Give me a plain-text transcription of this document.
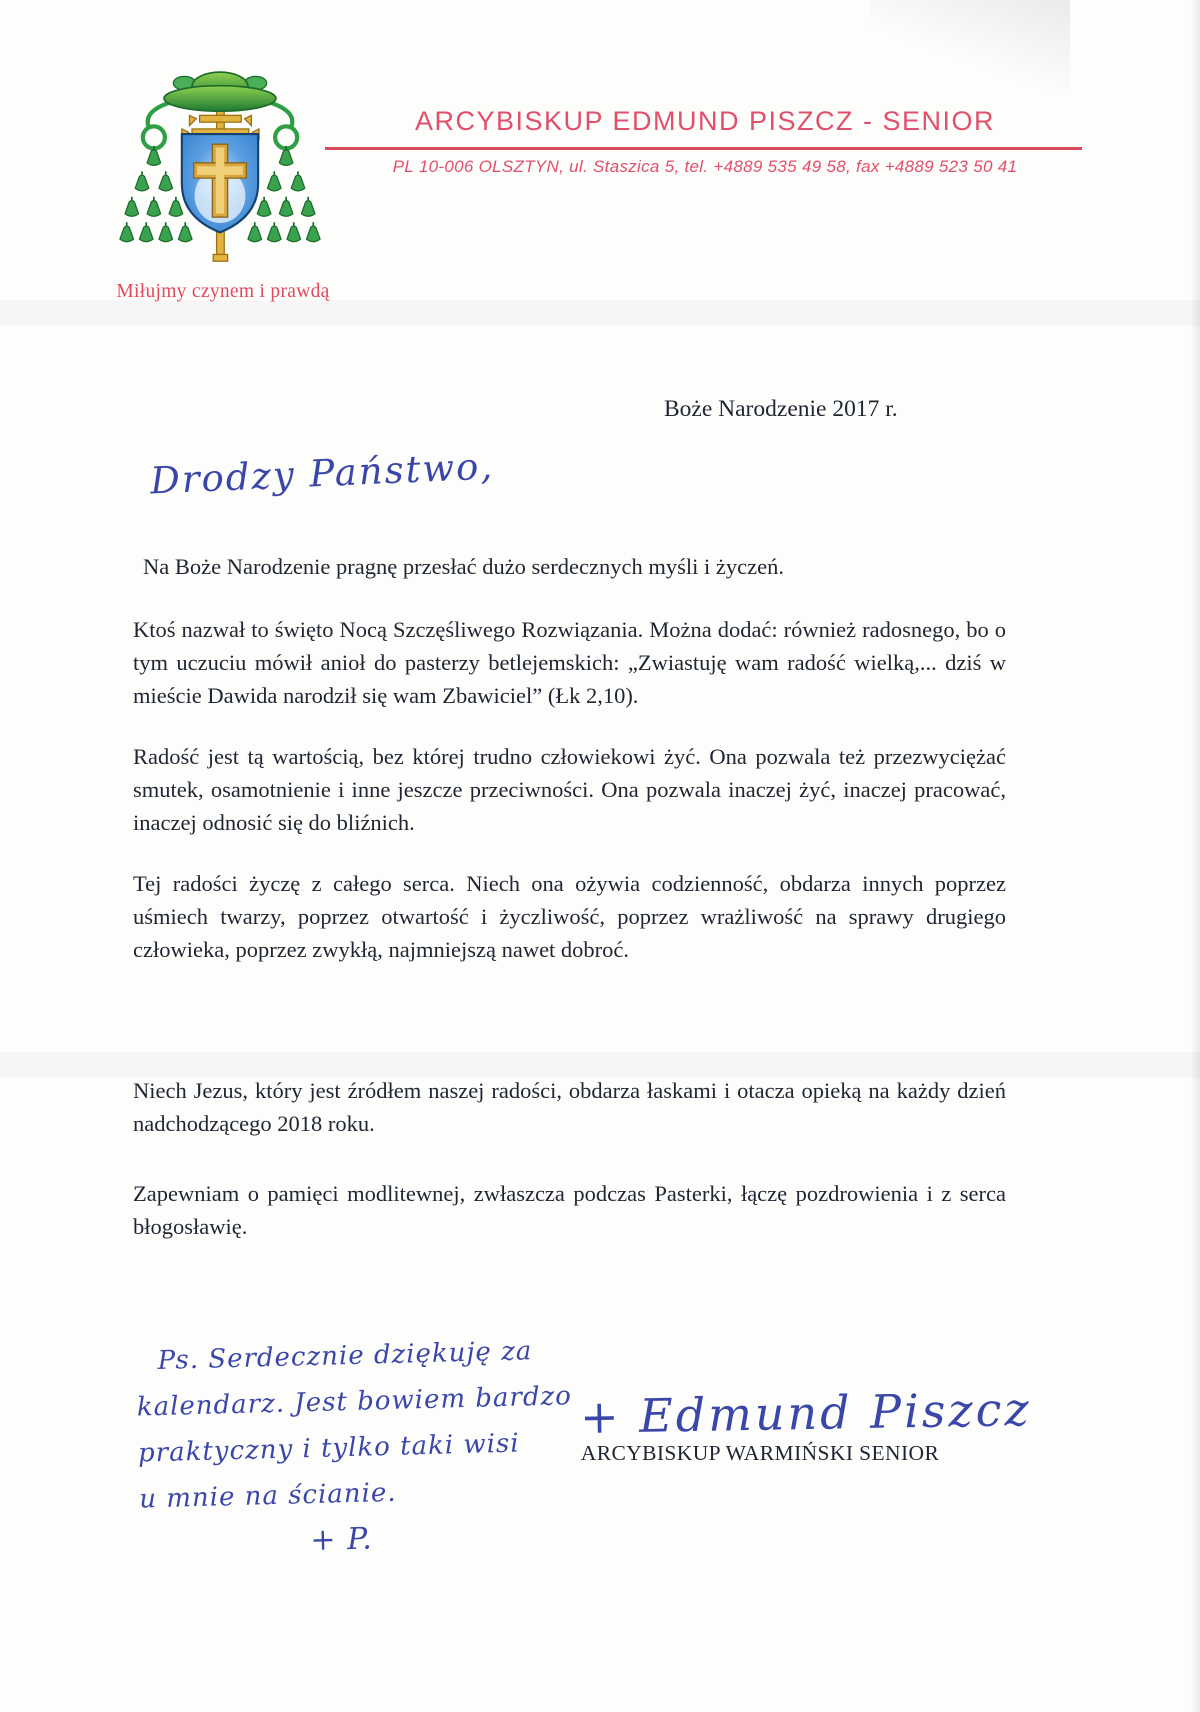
Miłujmy czynem i prawdą
ARCYBISKUP EDMUND PISZCZ - SENIOR
PL 10-006 OLSZTYN, ul. Staszica 5, tel. +4889 535 49 58, fax +4889 523 50 41
Boże Narodzenie 2017 r.
Drodzy Państwo,

Na Boże Narodzenie pragnę przesłać dużo serdecznych myśli i życzeń.

Ktoś nazwał to święto Nocą Szczęśliwego Rozwiązania. Można dodać: również radosnego, bo o tym uczuciu mówił anioł do pasterzy betlejemskich: „Zwiastuję wam radość wielką,... dziś w mieście Dawida narodził się wam Zbawiciel” (Łk 2,10).

Radość jest tą wartością, bez której trudno człowiekowi żyć. Ona pozwala też przezwyciężać smutek, osamotnienie i inne jeszcze przeciwności. Ona pozwala inaczej żyć, inaczej pracować, inaczej odnosić się do bliźnich.

Tej radości życzę z całego serca. Niech ona ożywia codzienność, obdarza innych poprzez uśmiech twarzy, poprzez otwartość i życzliwość, poprzez wrażliwość na sprawy drugiego człowieka, poprzez zwykłą, najmniejszą nawet dobroć.

Niech Jezus, który jest źródłem naszej radości, obdarza łaskami i otacza opieką na każdy dzień nadchodzącego 2018 roku.

Zapewniam o pamięci modlitewnej, zwłaszcza podczas Pasterki, łączę pozdrowienia i z serca błogosławię.

Ps. Serdecznie dziękuję za
kalendarz. Jest bowiem bardzo
praktyczny i tylko taki wisi
u mnie na ścianie.
+ P.
+ Edmund Piszcz
ARCYBISKUP WARMIŃSKI SENIOR
